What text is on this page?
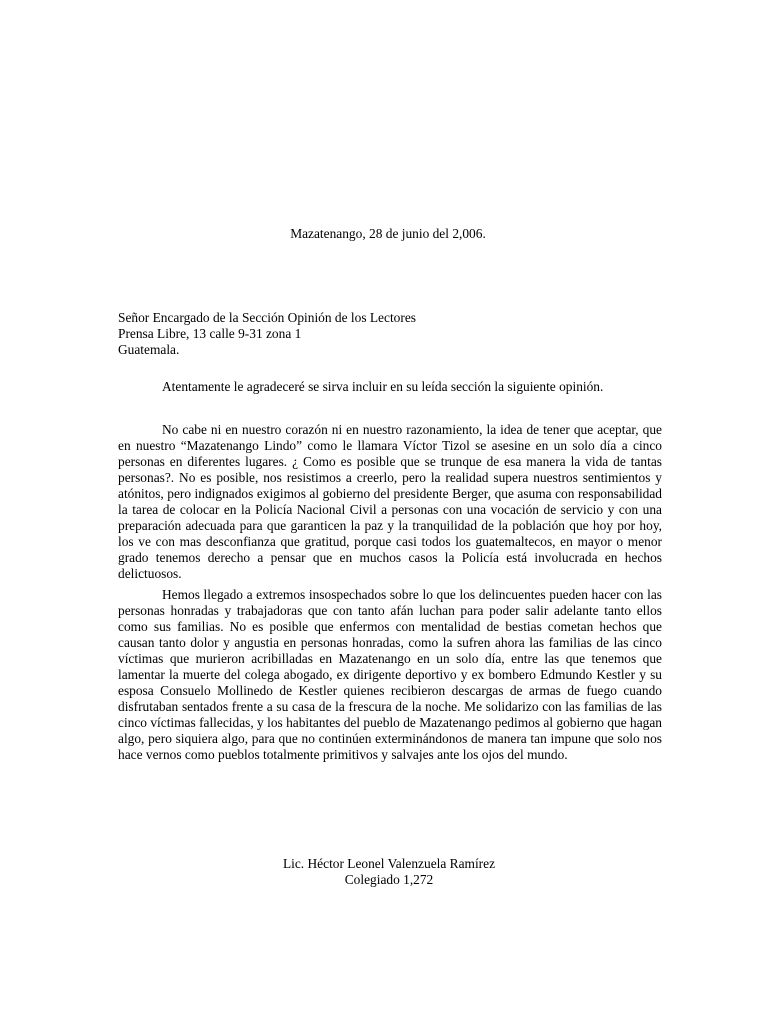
Mazatenango, 28 de junio del 2,006.
Señor Encargado de la Sección Opinión de los Lectores
Prensa Libre, 13 calle 9-31 zona 1
Guatemala.

Atentamente le agradeceré se sirva incluir en su leída sección la siguiente opinión.

No cabe ni en nuestro corazón ni en nuestro razonamiento, la idea de tener que aceptar, que en nuestro “Mazatenango Lindo” como le llamara Víctor Tizol se asesine en un solo día a cinco personas en diferentes lugares. ¿ Como es posible que se trunque de esa manera la vida de tantas personas?. No es posible, nos resistimos a creerlo, pero la realidad supera nuestros sentimientos y atónitos, pero indignados exigimos al gobierno del presidente Berger, que asuma con responsabilidad la tarea de colocar en la Policía Nacional Civil a personas con una vocación de servicio y con una preparación adecuada para que garanticen la paz y la tranquilidad de la población que hoy por hoy, los ve con mas desconfianza que gratitud, porque casi todos los guatemaltecos, en mayor o menor grado tenemos derecho a pensar que en muchos casos la Policía está involucrada en hechos delictuosos.

Hemos llegado a extremos insospechados sobre lo que los delincuentes pueden hacer con las personas honradas y trabajadoras que con tanto afán luchan para poder salir adelante tanto ellos como sus familias. No es posible que enfermos con mentalidad de bestias cometan hechos que causan tanto dolor y angustia en personas honradas, como la sufren ahora las familias de las cinco víctimas que murieron acribilladas en Mazatenango en un solo día, entre las que tenemos que lamentar la muerte del colega abogado, ex dirigente deportivo y ex bombero Edmundo Kestler y su esposa Consuelo Mollinedo de Kestler quienes recibieron descargas de armas de fuego cuando disfrutaban sentados frente a su casa de la frescura de la noche. Me solidarizo con las familias de las cinco víctimas fallecidas, y los habitantes del pueblo de Mazatenango pedimos al gobierno que hagan algo, pero siquiera algo, para que no continúen exterminándonos de manera tan impune que solo nos hace vernos como pueblos totalmente primitivos y salvajes ante los ojos del mundo.

Lic. Héctor Leonel Valenzuela Ramírez
Colegiado 1,272
